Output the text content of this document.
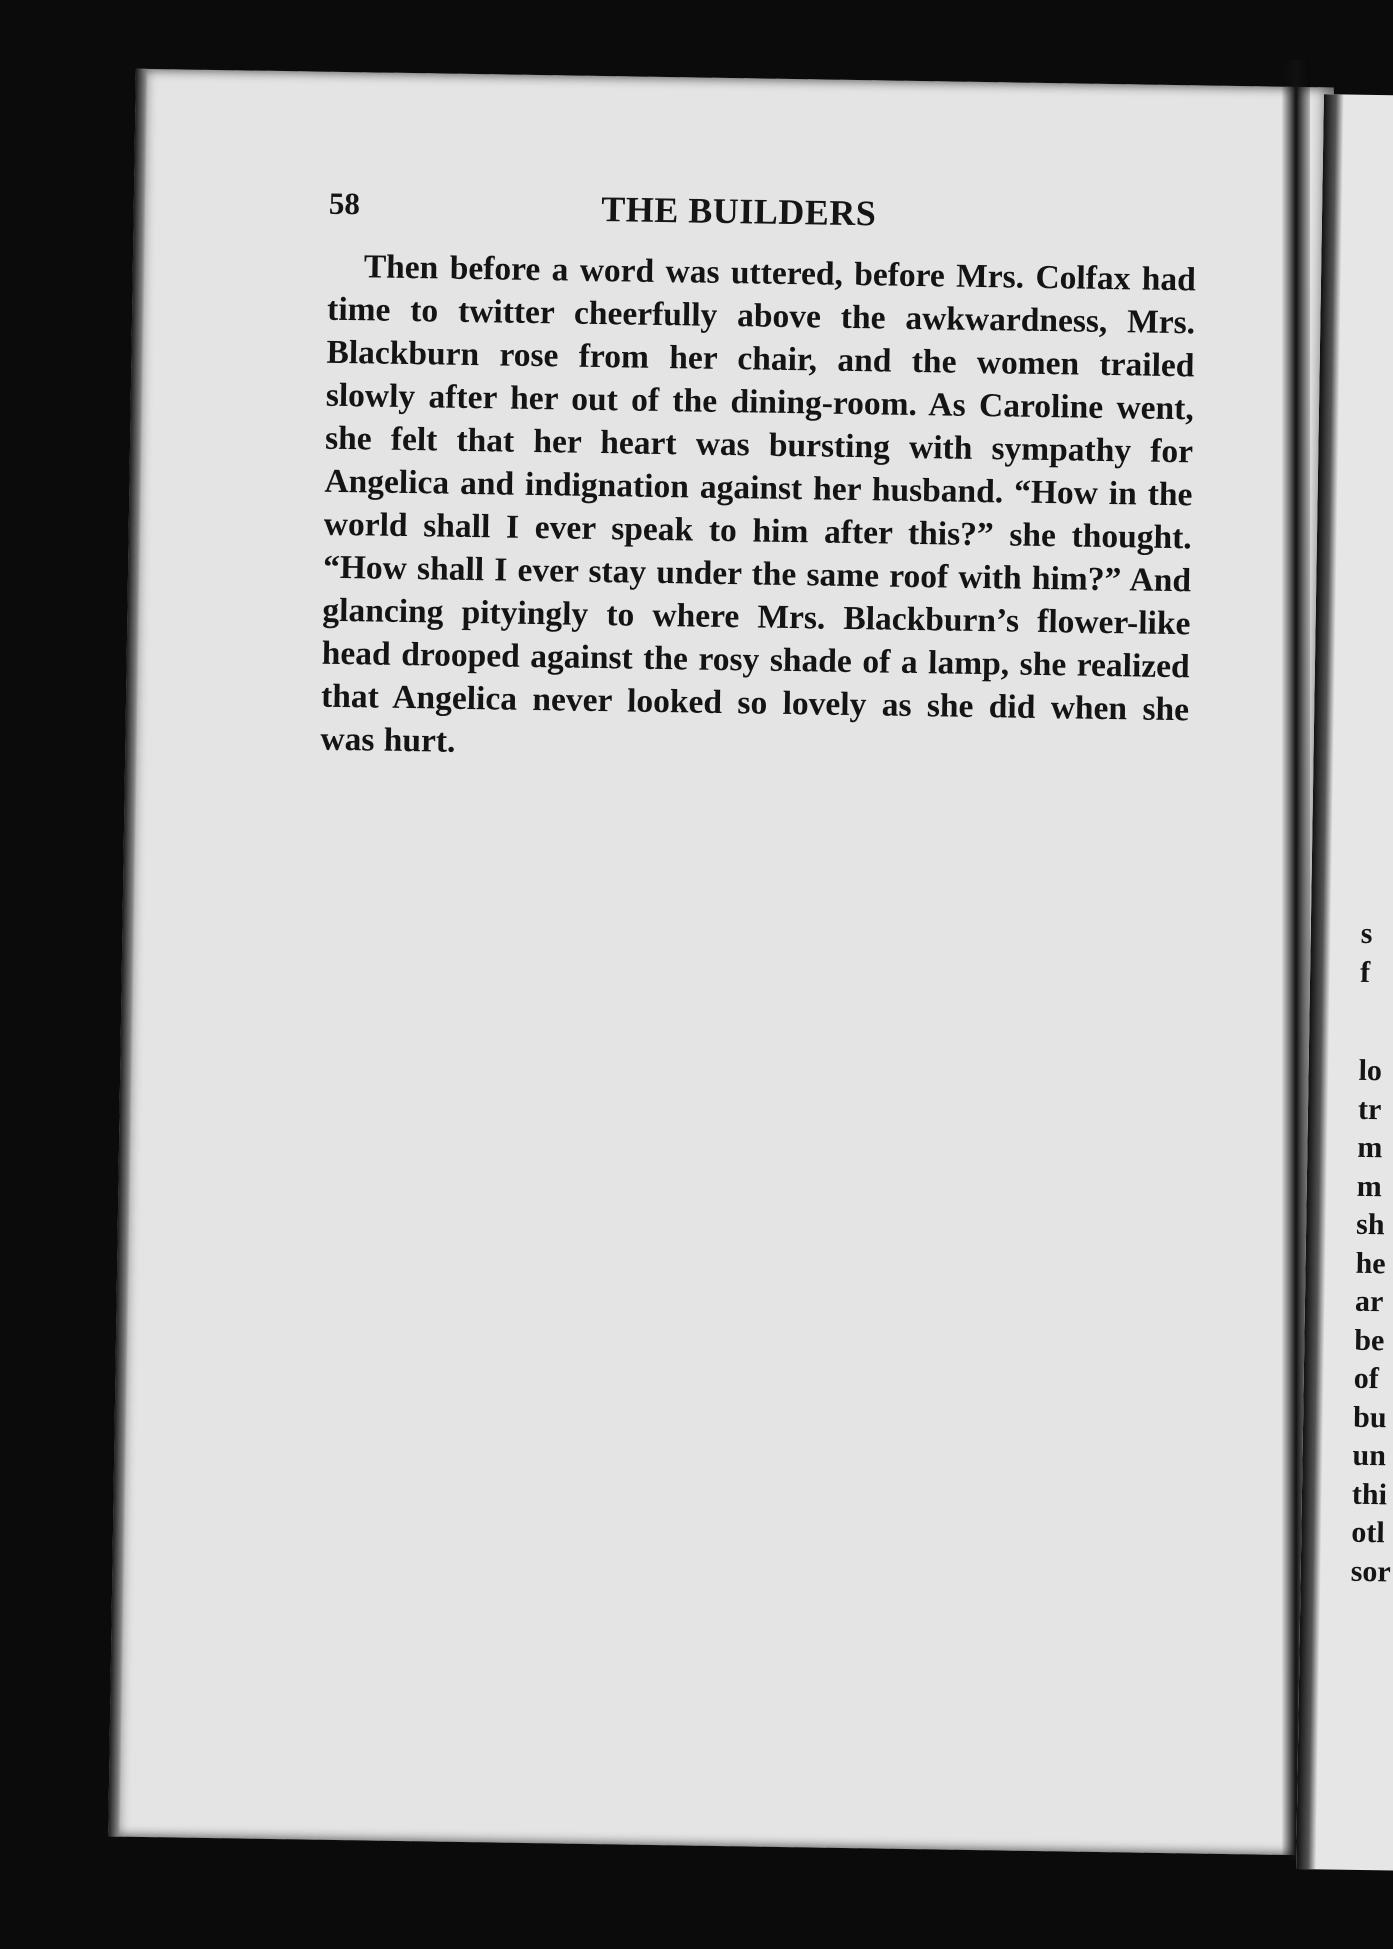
58	THE BUILDERS

Then before a word was uttered, before Mrs. Colfax had time to twitter cheerfully above the awkwardness, Mrs. Blackburn rose from her chair, and the women trailed slowly after her out of the dining-room. As Caroline went, she felt that her heart was bursting with sympathy for Angelica and indignation against her husband. “How in the world shall I ever speak to him after this?” she thought. “How shall I ever stay under the same roof with him?” And glancing pityingly to where Mrs. Blackburn’s flower-like head drooped against the rosy shade of a lamp, she realized that Angelica never looked so lovely as she did when she was hurt.

s
f
lo
tr
m
m
sh
he
ar
be
of
bu
un
thi
otl
sor
